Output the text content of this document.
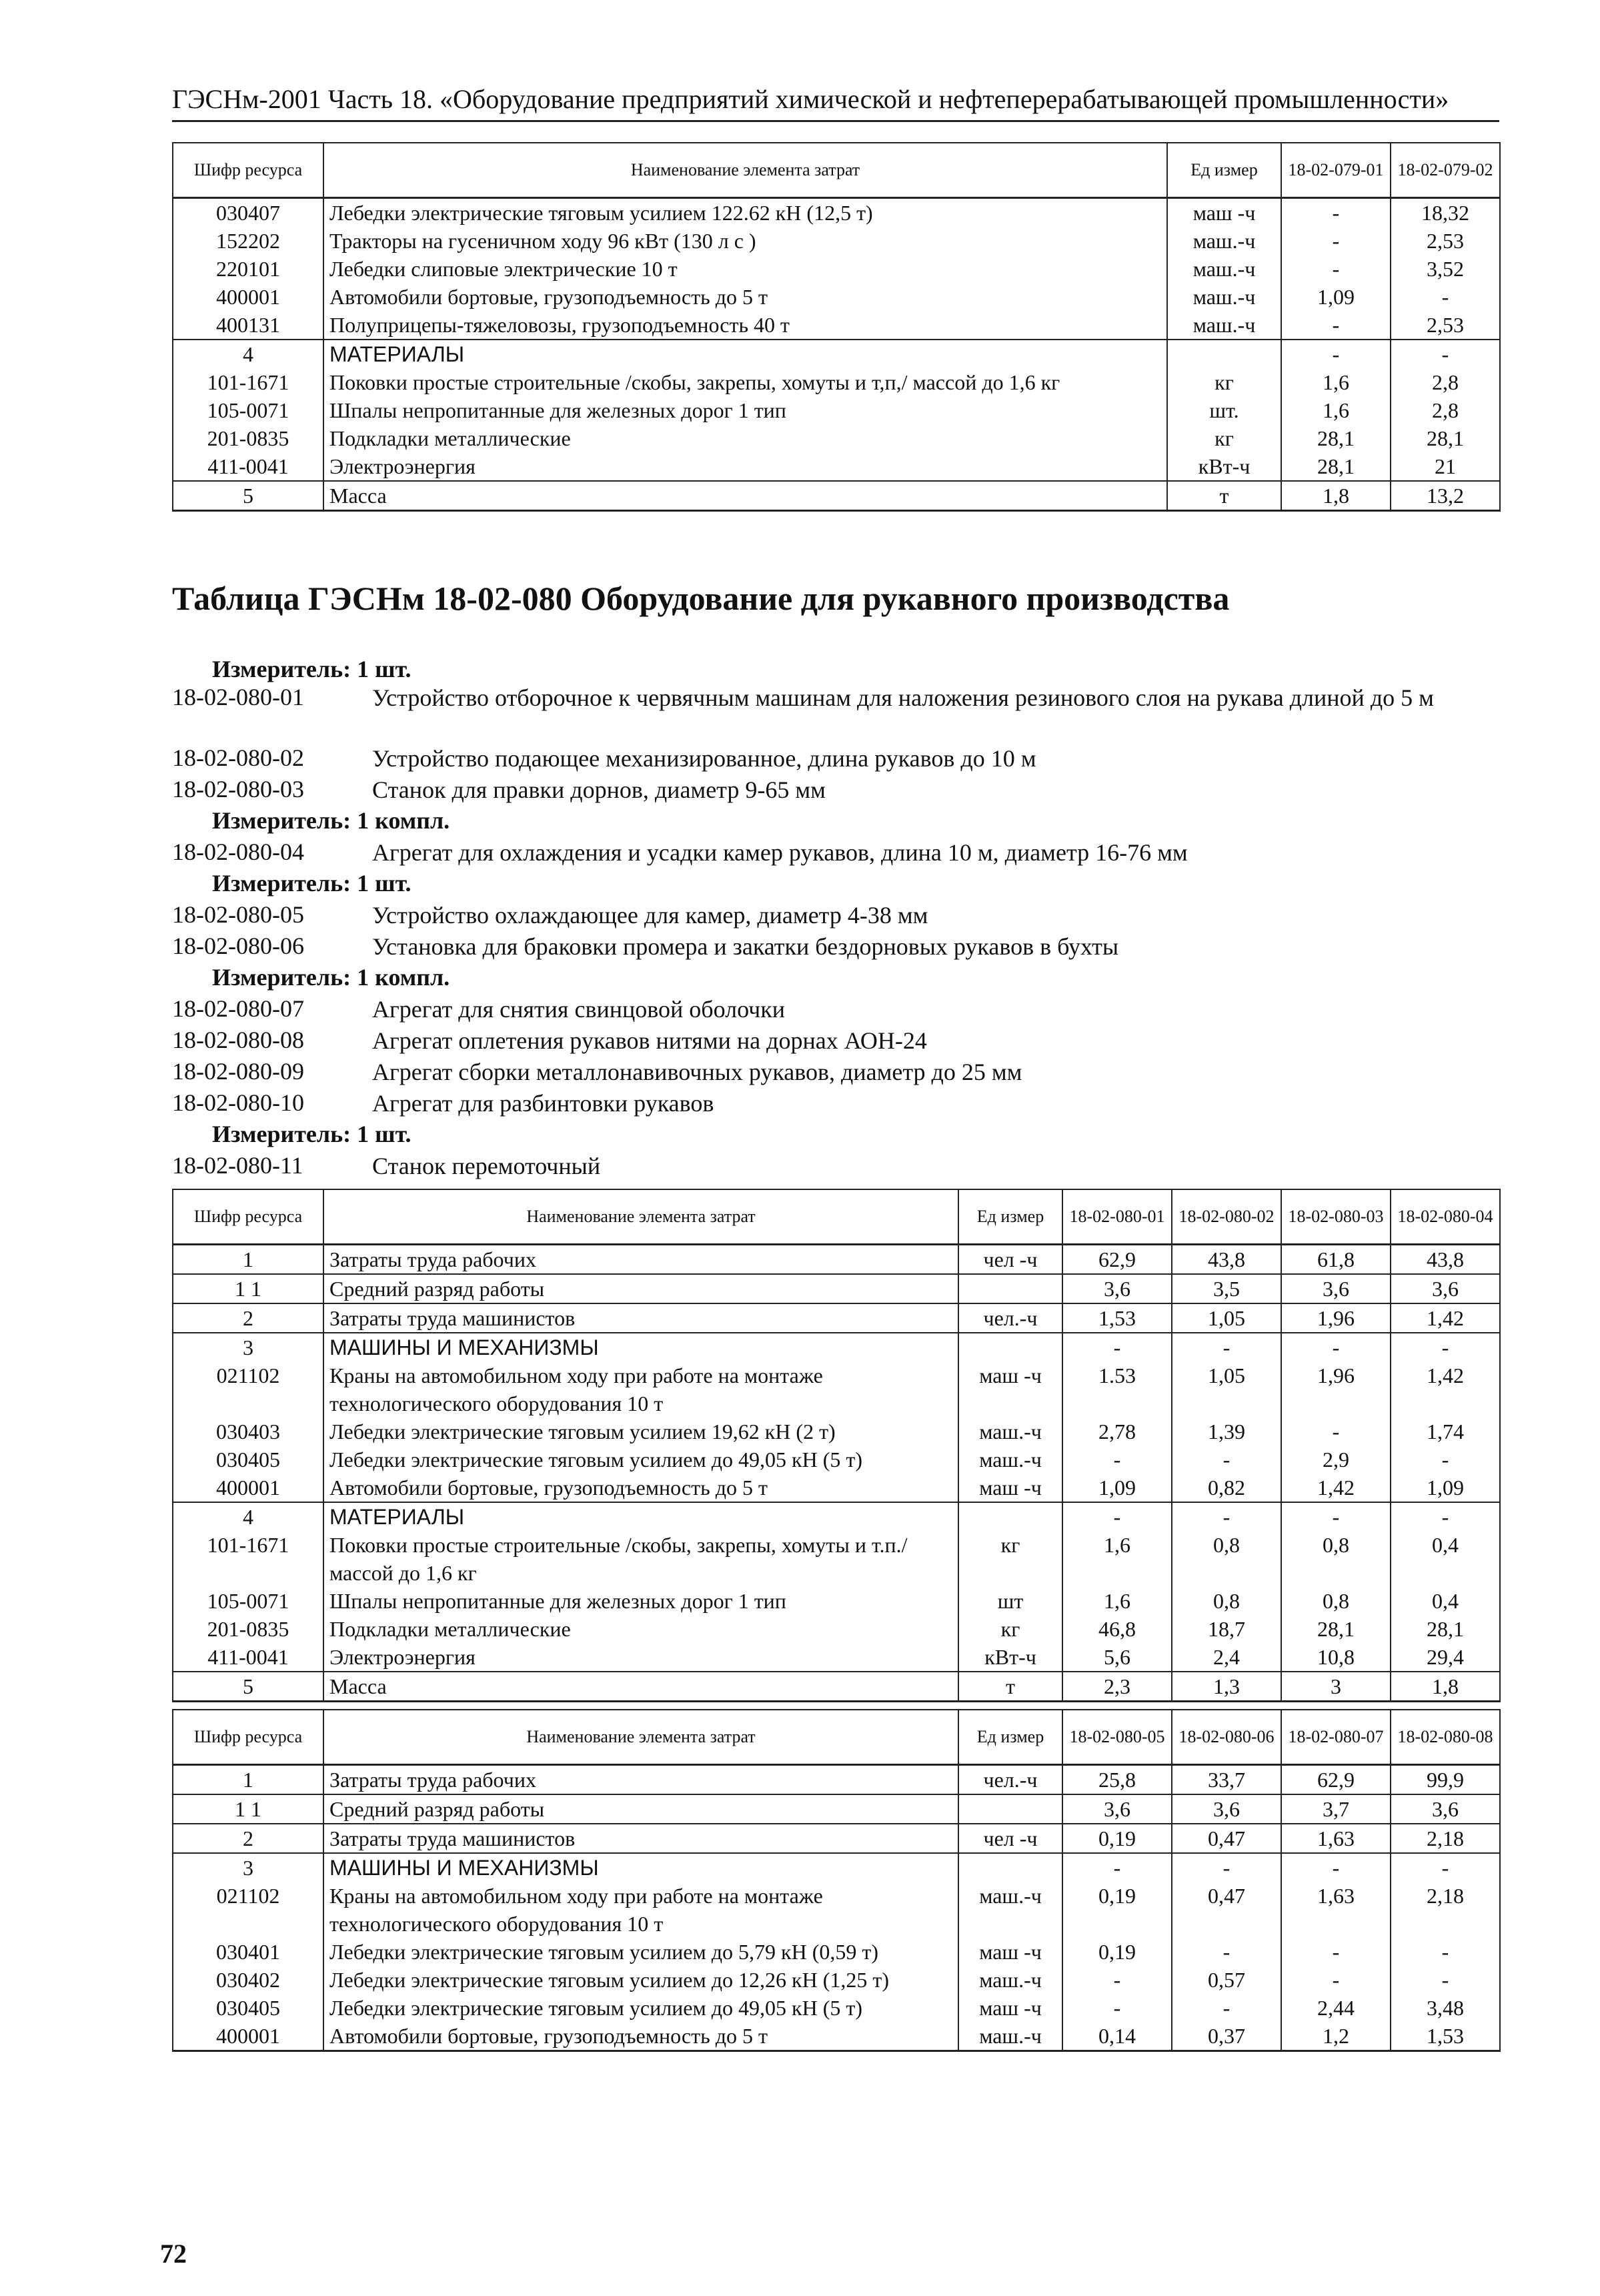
ГЭСНм-2001 Часть 18. «Оборудование предприятий химической и нефтеперерабатывающей промышленности»
Шифр ресурса	Наименование элемента затрат	Ед измер	18-02-079-01	18-02-079-02
030407	Лебедки электрические тяговым усилием 122.62 кН (12,5 т)	маш -ч	-	18,32
152202	Тракторы на гусеничном ходу 96 кВт (130 л с )	маш.-ч	-	2,53
220101	Лебедки слиповые электрические 10 т	маш.-ч	-	3,52
400001	Автомобили бортовые, грузоподъемность до 5 т	маш.-ч	1,09	-
400131	Полуприцепы-тяжеловозы, грузоподъемность 40 т	маш.-ч	-	2,53
4	МАТЕРИАЛЫ		-	-
101-1671	Поковки простые строительные /скобы, закрепы, хомуты и т,п,/ массой до 1,6 кг	кг	1,6	2,8
105-0071	Шпалы непропитанные для железных дорог 1 тип	шт.	1,6	2,8
201-0835	Подкладки металлические	кг	28,1	28,1
411-0041	Электроэнергия	кВт-ч	28,1	21
5	Масса	т	1,8	13,2
Таблица ГЭСНм 18-02-080 Оборудование для рукавного производства
Измеритель: 1 шт.
18-02-080-01	Устройство отборочное к червячным машинам для наложения резинового слоя на рукава длиной до 5 м
18-02-080-02	Устройство подающее механизированное, длина рукавов до 10 м
18-02-080-03	Станок для правки дорнов, диаметр 9-65 мм
Измеритель: 1 компл.
18-02-080-04	Агрегат для охлаждения и усадки камер рукавов, длина 10 м, диаметр 16-76 мм
Измеритель: 1 шт.
18-02-080-05	Устройство охлаждающее для камер, диаметр 4-38 мм
18-02-080-06	Установка для браковки промера и закатки бездорновых рукавов в бухты
Измеритель: 1 компл.
18-02-080-07	Агрегат для снятия свинцовой оболочки
18-02-080-08	Агрегат оплетения рукавов нитями на дорнах АОН-24
18-02-080-09	Агрегат сборки металлонавивочных рукавов, диаметр до 25 мм
18-02-080-10	Агрегат для разбинтовки рукавов
Измеритель: 1 шт.
18-02-080-11	Станок перемоточный
Шифр ресурса	Наименование элемента затрат	Ед измер	18-02-080-01	18-02-080-02	18-02-080-03	18-02-080-04
1	Затраты труда рабочих	чел -ч	62,9	43,8	61,8	43,8
1 1	Средний разряд работы		3,6	3,5	3,6	3,6
2	Затраты труда машинистов	чел.-ч	1,53	1,05	1,96	1,42
3	МАШИНЫ И МЕХАНИЗМЫ		-	-	-	-
021102	Краны на автомобильном ходу при работе на монтаже технологического оборудования 10 т	маш -ч	1.53	1,05	1,96	1,42
030403	Лебедки электрические тяговым усилием 19,62 кН (2 т)	маш.-ч	2,78	1,39	-	1,74
030405	Лебедки электрические тяговым усилием до 49,05 кН (5 т)	маш.-ч	-	-	2,9	-
400001	Автомобили бортовые, грузоподъемность до 5 т	маш -ч	1,09	0,82	1,42	1,09
4	МАТЕРИАЛЫ		-	-	-	-
101-1671	Поковки простые строительные /скобы, закрепы, хомуты и т.п./ массой до 1,6 кг	кг	1,6	0,8	0,8	0,4
105-0071	Шпалы непропитанные для железных дорог 1 тип	шт	1,6	0,8	0,8	0,4
201-0835	Подкладки металлические	кг	46,8	18,7	28,1	28,1
411-0041	Электроэнергия	кВт-ч	5,6	2,4	10,8	29,4
5	Масса	т	2,3	1,3	3	1,8
Шифр ресурса	Наименование элемента затрат	Ед измер	18-02-080-05	18-02-080-06	18-02-080-07	18-02-080-08
1	Затраты труда рабочих	чел.-ч	25,8	33,7	62,9	99,9
1 1	Средний разряд работы		3,6	3,6	3,7	3,6
2	Затраты труда машинистов	чел -ч	0,19	0,47	1,63	2,18
3	МАШИНЫ И МЕХАНИЗМЫ		-	-	-	-
021102	Краны на автомобильном ходу при работе на монтаже технологического оборудования 10 т	маш.-ч	0,19	0,47	1,63	2,18
030401	Лебедки электрические тяговым усилием до 5,79 кН (0,59 т)	маш -ч	0,19	-	-	-
030402	Лебедки электрические тяговым усилием до 12,26 кН (1,25 т)	маш.-ч	-	0,57	-	-
030405	Лебедки электрические тяговым усилием до 49,05 кН (5 т)	маш -ч	-	-	2,44	3,48
400001	Автомобили бортовые, грузоподъемность до 5 т	маш.-ч	0,14	0,37	1,2	1,53
72
